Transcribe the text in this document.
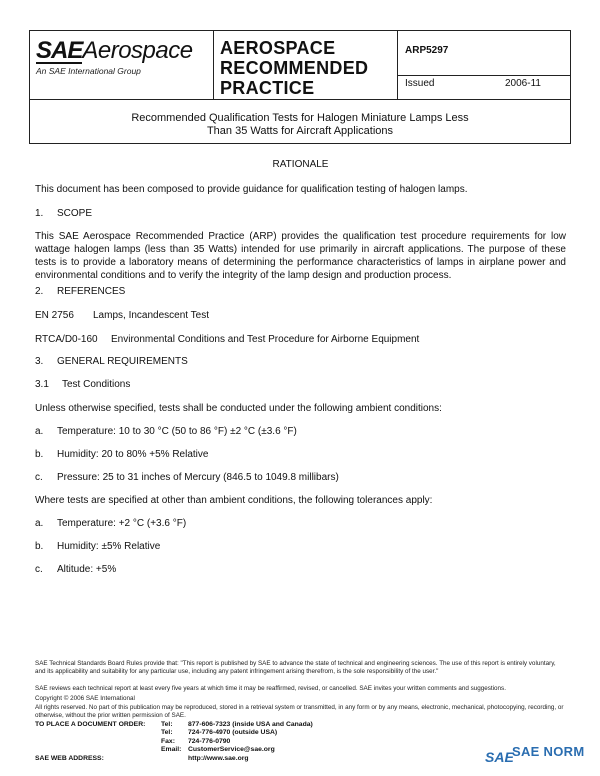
SAEAerospace
An SAE International Group
AEROSPACE
RECOMMENDED
PRACTICE
ARP5297
Issued	2006-11
Recommended Qualification Tests for Halogen Miniature Lamps Less
Than 35 Watts for Aircraft Applications
RATIONALE
This document has been composed to provide guidance for qualification testing of halogen lamps.
1. SCOPE
This SAE Aerospace Recommended Practice (ARP) provides the qualification test procedure requirements for low wattage halogen lamps (less than 35 Watts) intended for use primarily in aircraft applications. The purpose of these tests is to provide a laboratory means of determining the performance characteristics of lamps in airplane power and environmental conditions and to verify the integrity of the lamp design and production process.
2. REFERENCES
EN 2756 Lamps, Incandescent Test
RTCA/D0-160 Environmental Conditions and Test Procedure for Airborne Equipment
3. GENERAL REQUIREMENTS
3.1 Test Conditions
Unless otherwise specified, tests shall be conducted under the following ambient conditions:
a. Temperature: 10 to 30 °C (50 to 86 °F) ±2 °C (±3.6 °F)
b. Humidity: 20 to 80% +5% Relative
c. Pressure: 25 to 31 inches of Mercury (846.5 to 1049.8 millibars)
Where tests are specified at other than ambient conditions, the following tolerances apply:
a. Temperature: +2 °C (+3.6 °F)
b. Humidity: ±5% Relative
c. Altitude: +5%
SAE Technical Standards Board Rules provide that: "This report is published by SAE to advance the state of technical and engineering sciences. The use of this report is entirely voluntary, and its applicability and suitability for any particular use, including any patent infringement arising therefrom, is the sole responsibility of the user."
SAE reviews each technical report at least every five years at which time it may be reaffirmed, revised, or cancelled. SAE invites your written comments and suggestions.
Copyright © 2006 SAE International
All rights reserved. No part of this publication may be reproduced, stored in a retrieval system or transmitted, in any form or by any means, electronic, mechanical, photocopying, recording, or otherwise, without the prior written permission of SAE.
TO PLACE A DOCUMENT ORDER: Tel: 877-606-7323 (inside USA and Canada)
Tel: 724-776-4970 (outside USA)
Fax: 724-776-0790
Email: CustomerService@sae.org
SAE WEB ADDRESS:	http://www.sae.org	SAE
SAE NORM
